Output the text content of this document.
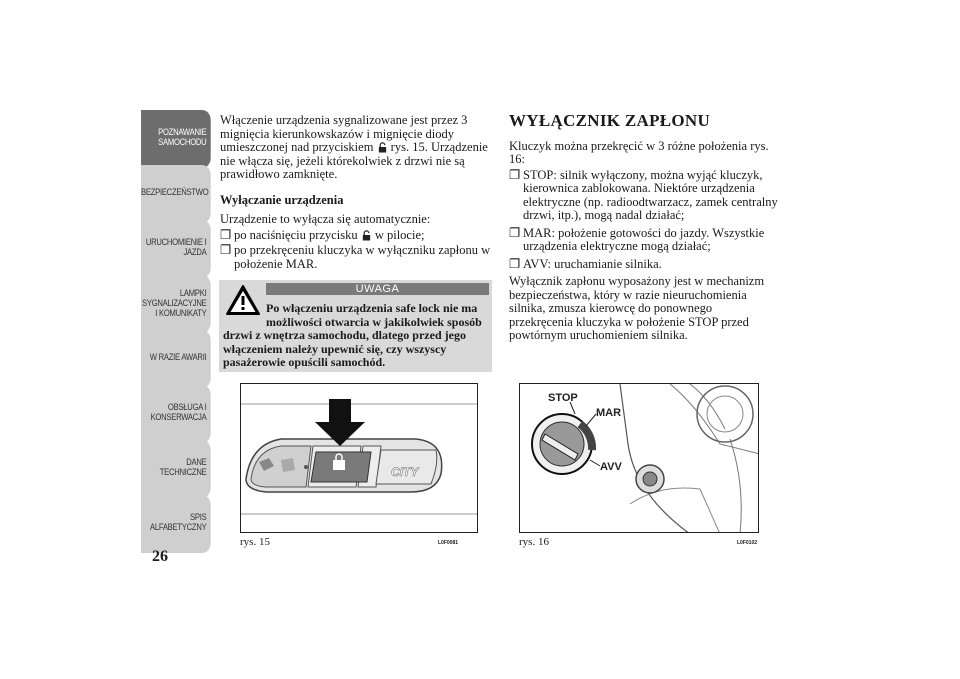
POZNAWANIE
SAMOCHODU
BEZPIECZEŃSTWO
URUCHOMIENIE I
JAZDA
LAMPKI
SYGNALIZACYJNE
I KOMUNIKATY
W RAZIE AWARII
OBSŁUGA I
KONSERWACJA
DANE
TECHNICZNE
SPIS
ALFABETYCZNY
26

Włączenie urządzenia sygnalizowane jest przez 3 mignięcia kierunkowskazów i mignięcie diody umieszczonej nad przyciskiem rys. 15. Urządzenie nie włącza się, jeżeli którekolwiek z drzwi nie są prawidłowo zamknięte.

Wyłączanie urządzenia

Urządzenie to wyłącza się automatycznie:

❐ po naciśnięciu przycisku w pilocie;
❐ po przekręceniu kluczyka w wyłączniku zapłonu w położenie MAR.
UWAGA
Po włączeniu urządzenia safe lock nie ma
możliwości otwarcia w jakikolwiek sposób
drzwi z wnętrza samochodu, dlatego przed jego włączeniem należy upewnić się, czy wszyscy pasażerowie opuścili samochód.
WYŁĄCZNIK ZAPŁONU

Kluczyk można przekręcić w 3 różne położenia rys. 16:

❐ STOP: silnik wyłączony, można wyjąć kluczyk, kierownica zablokowana. Niektóre urządzenia elektryczne (np. radioodtwarzacz, zamek centralny drzwi, itp.), mogą nadal działać;
❐ MAR: położenie gotowości do jazdy. Wszystkie urządzenia elektryczne mogą działać;
❐ AVV: uruchamianie silnika.

Wyłącznik zapłonu wyposażony jest w mechanizm bezpieczeństwa, który w razie nieuruchomienia silnika, zmusza kierowcę do ponownego przekręcenia kluczyka w położenie STOP przed powtórnym uruchomieniem silnika.

CITY
rys. 15	L0F0081
STOP
MAR
AVV
rys. 16	L0F0102
